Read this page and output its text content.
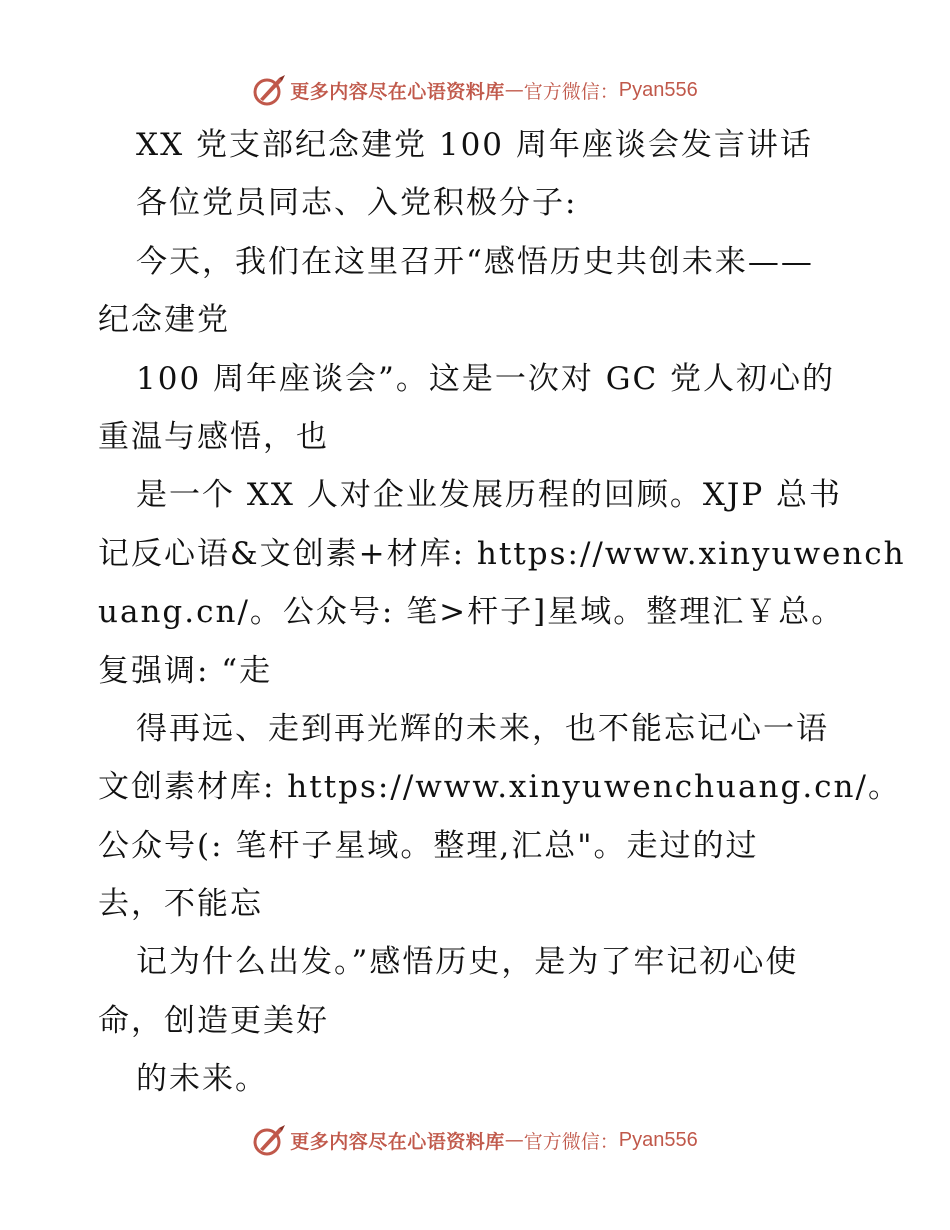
更多内容尽在心语资料库 — 官方微信： Pyan556
XX 党支部纪念建党 100 周年座谈会发言讲话
各位党员同志、入党积极分子:
今天，我们在这里召开“感悟历史共创未来——
纪念建党
100 周年座谈会”。这是一次对 GC 党人初心的
重温与感悟，也
是一个 XX 人对企业发展历程的回顾。XJP 总书
记反心语&文创素+材库: https://www.xinyuwench
uang.cn/。公众号: 笔>杆子]星域。整理汇￥总。
复强调: “走
得再远、走到再光辉的未来，也不能忘记心一语
文创素材库: https://www.xinyuwenchuang.cn/。
公众号(: 笔杆子星域。整理,汇总"。走过的过
去，不能忘
记为什么出发。”感悟历史，是为了牢记初心使
命，创造更美好
的未来。
更多内容尽在心语资料库 — 官方微信： Pyan556
